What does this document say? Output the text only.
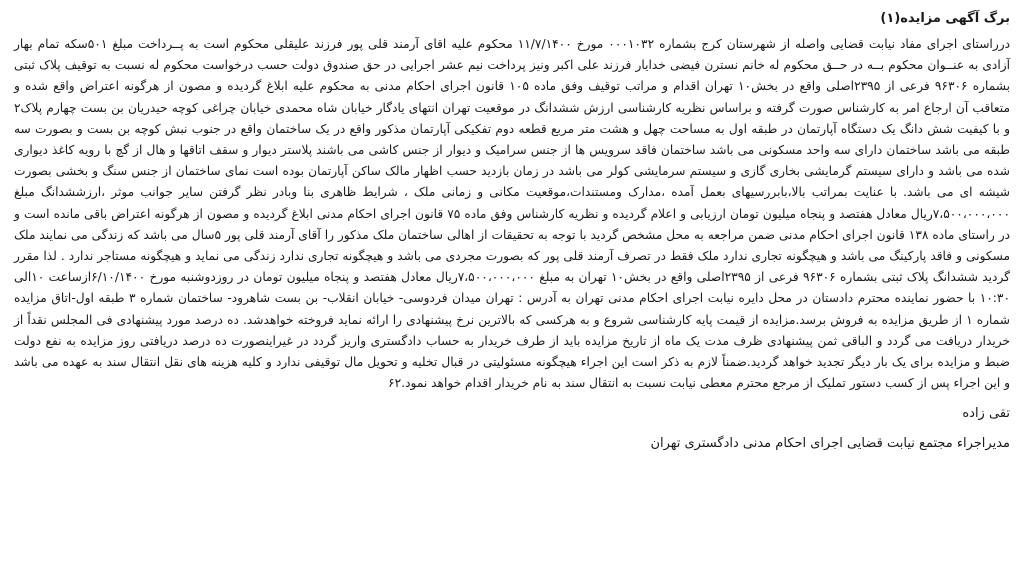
برگ آگهی مزایده(۱)

درراستای اجرای مفاد نیابت قضایی واصله از شهرستان کرج بشماره ۰۰۰۱۰۳۲ مورخ ۱۱/۷/۱۴۰۰ محکوم علیه اقای آرمند قلی پور فرزند علیقلی محکوم است به پــرداخت مبلغ ۵۰۱سکه تمام بهار آزادی به عنــوان محکوم بــه در حــق محکوم له خانم نسترن فیضی خدایار فرزند علی اکبر ونیز پرداخت نیم عشر اجرایی در حق صندوق دولت حسب درخواست محکوم له نسبت به توقیف پلاک ثبتی بشماره ۹۶۳۰۶ فرعی از ۲۳۹۵اصلی واقع در بخش۱۰ تهران اقدام و مراتب توقیف وفق ماده ۱۰۵ قانون اجرای احکام مدنی به محکوم علیه ابلاغ گردیده و مصون از هرگونه اعتراض واقع شده و متعاقب آن ارجاع امر به کارشناس صورت گرفته و براساس نظریه کارشناسی ارزش ششدانگ در موقعیت تهران انتهای یادگار خیابان شاه محمدی خیابان چراغی کوچه حیدریان بن بست چهارم پلاک۲ و با کیفیت شش دانگ یک دستگاه آپارتمان در طبقه اول به مساحت چهل و هشت متر مربع قطعه دوم تفکیکی آپارتمان مذکور واقع در یک ساختمان واقع در جنوب نبش کوچه بن بست و بصورت سه طبقه می باشد ساختمان دارای سه واحد مسکونی می باشد ساختمان فاقد سرویس ها از جنس سرامیک و دیوار از جنس کاشی می باشند پلاستر دیوار و سقف اتاقها و هال از گچ با رویه کاغذ دیواری شده می باشد و دارای سیستم گرمایشی بخاری گازی و سیستم سرمایشی کولر می باشد در زمان بازدید حسب اظهار مالک ساکن آپارتمان بوده است نمای ساختمان از جنس سنگ و بخشی بصورت شیشه ای می باشد. با عنایت بمراتب بالا،بابررسیهای بعمل آمده ،مدارک ومستندات،موقعیت مکانی و زمانی ملک ، شرایط ظاهری بنا وبادر نظر گرفتن سایر جوانب موثر ،ارزششدانگ مبلغ ۷،۵۰۰،۰۰۰،۰۰۰ریال معادل هفتصد و پنجاه میلیون تومان ارزیابی و اعلام گردیده و نظریه کارشناس وفق ماده ۷۵ قانون اجرای احکام مدنی ابلاغ گردیده و مصون از هرگونه اعتراض باقی مانده است و در راستای ماده ۱۳۸ قانون اجرای احکام مدنی ضمن مراجعه به محل مشخص گردید با توجه به تحقیقات از اهالی ساختمان ملک مذکور را آقای آرمند قلی پور ۵سال می باشد که زندگی می نمایند ملک مسکونی و فاقد پارکینگ می باشد و هیچگونه تجاری ندارد ملک فقط در تصرف آرمند قلی پور که بصورت مجردی می باشد و هیچگونه تجاری ندارد زندگی می نماید و هیچگونه مستاجر ندارد . لذا مقرر گردید ششدانگ پلاک ثبتی بشماره ۹۶۳۰۶ فرعی از ۲۳۹۵اصلی واقع در بخش۱۰ تهران به مبلغ ۷،۵۰۰،۰۰۰،۰۰۰ریال معادل هفتصد و پنجاه میلیون تومان در روزدوشنبه مورخ ۶/۱۰/۱۴۰۰ازساعت ۱۰الی ۱۰:۳۰ با حضور نماینده محترم دادستان در محل دایره نیابت اجرای احکام مدنی تهران به آدرس : تهران میدان فردوسی- خیابان انقلاب- بن بست شاهرود- ساختمان شماره ۳ طبقه اول-اتاق مزایده شماره ۱ از طریق مزایده به فروش برسد.مزایده از قیمت پایه کارشناسی شروع و به هرکسی که بالاترین نرخ پیشنهادی را ارائه نماید فروخته خواهدشد. ده درصد مورد پیشنهادی فی المجلس نقداً از خریدار دریافت می گردد و الباقی ثمن پیشنهادی ظرف مدت یک ماه از تاریخ مزایده باید از طرف خریدار به حساب دادگستری واریز گردد در غیراینصورت ده درصد دریافتی روز مزایده به نفع دولت ضبط و مزایده برای یک بار دیگر تجدید خواهد گردید.ضمناً لازم به ذکر است این اجراء هیچگونه مسئولیتی در قبال تخلیه و تحویل مال توقیفی ندارد و کلیه هزینه های نقل انتقال سند به عهده می باشد و این اجراء پس از کسب دستور تملیک از مرجع محترم معطی نیابت نسبت به انتقال سند به نام خریدار اقدام خواهد نمود.۶۲

تقی زاده
مدیراجراء مجتمع نیابت قضایی اجرای احکام مدنی دادگستری تهران
